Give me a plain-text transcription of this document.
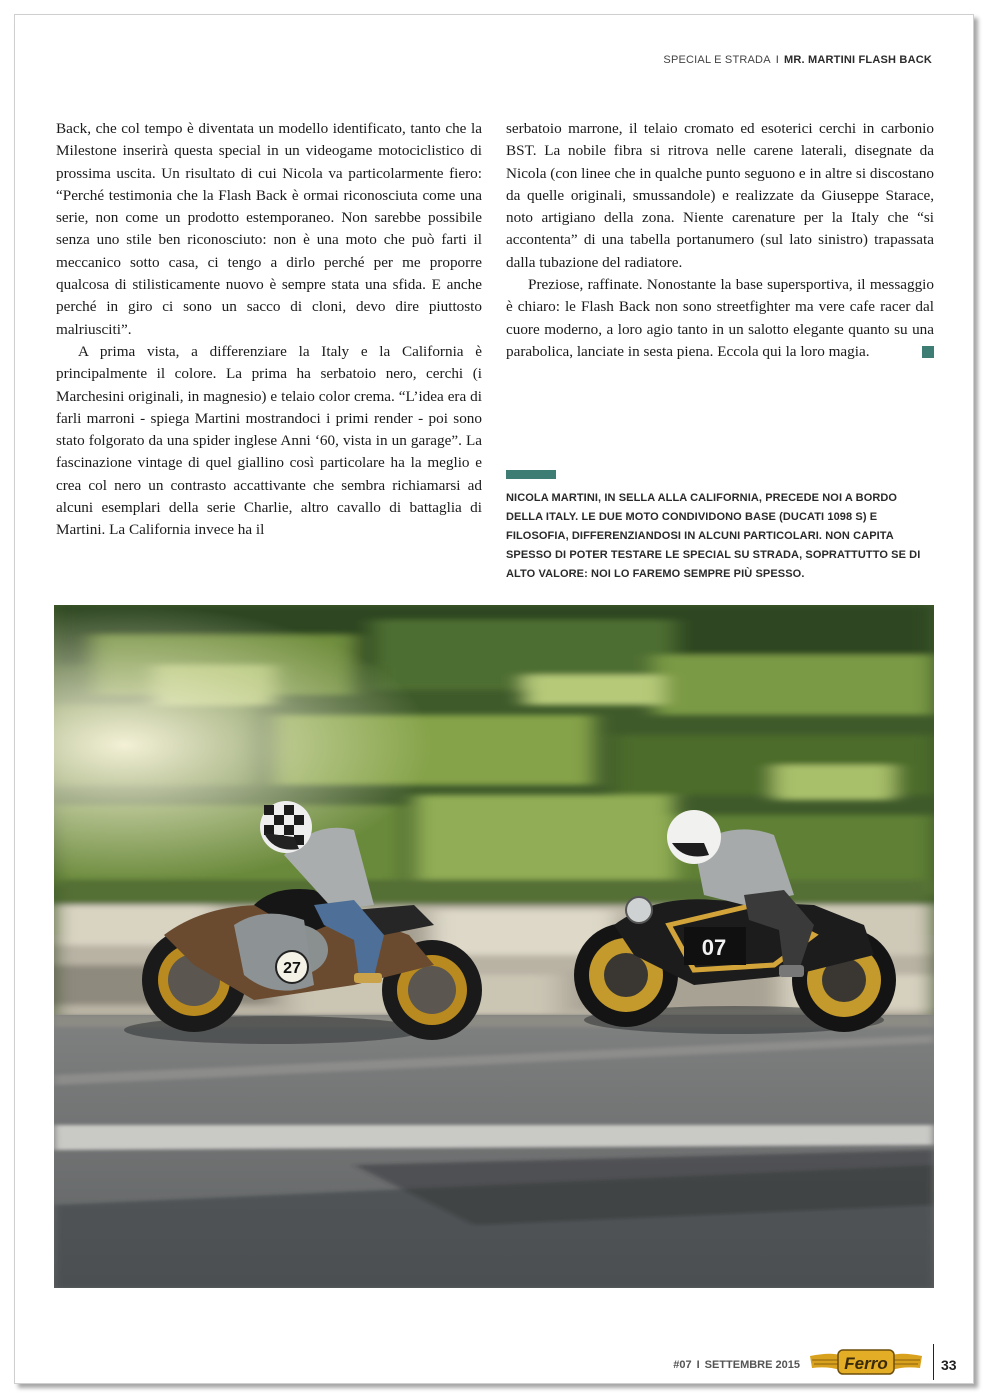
SPECIAL E STRADA I MR. MARTINI FLASH BACK

Back, che col tempo è diventata un modello identificato, tanto che la Milestone inserirà questa special in un videogame motociclistico di prossima uscita. Un risultato di cui Nicola va particolarmente fiero: “Perché testimonia che la Flash Back è ormai riconosciuta come una serie, non come un prodotto estemporaneo. Non sarebbe possibile senza uno stile ben riconosciuto: non è una moto che può farti il meccanico sotto casa, ci tengo a dirlo perché per me proporre qualcosa di stilisticamente nuovo è sempre stata una sfida. E anche perché in giro ci sono un sacco di cloni, devo dire piuttosto malriusciti”.

A prima vista, a differenziare la Italy e la California è principalmente il colore. La prima ha serbatoio nero, cerchi (i Marchesini originali, in magnesio) e telaio color crema. “L’idea era di farli marroni - spiega Martini mostrandoci i primi render - poi sono stato folgorato da una spider inglese Anni ‘60, vista in un garage”. La fascinazione vintage di quel giallino così particolare ha la meglio e crea col nero un contrasto accattivante che sembra richiamarsi ad alcuni esemplari della serie Charlie, altro cavallo di battaglia di Martini. La California invece ha il

serbatoio marrone, il telaio cromato ed esoterici cerchi in carbonio BST. La nobile fibra si ritrova nelle carene laterali, disegnate da Nicola (con linee che in qualche punto seguono e in altre si discostano da quelle originali, smussandole) e realizzate da Giuseppe Starace, noto artigiano della zona. Niente carenature per la Italy che “si accontenta” di una tabella portanumero (sul lato sinistro) trapassata dalla tubazione del radiatore.

Preziose, raffinate. Nonostante la base supersportiva, il messaggio è chiaro: le Flash Back non sono streetfighter ma vere cafe racer dal cuore moderno, a loro agio tanto in un salotto elegante quanto su una parabolica, lanciate in sesta piena. Eccola qui la loro magia.

NICOLA MARTINI, IN SELLA ALLA CALIFORNIA, PRECEDE NOI A BORDO DELLA ITALY. LE DUE MOTO CONDIVIDONO BASE (DUCATI 1098 S) E FILOSOFIA, DIFFERENZIANDOSI IN ALCUNI PARTICOLARI. NON CAPITA SPESSO DI POTER TESTARE LE SPECIAL SU STRADA, SOPRATTUTTO SE DI ALTO VALORE: NOI LO FAREMO SEMPRE PIÙ SPESSO.
27
07
#07 I SETTEMBRE 2015	Ferro	33
